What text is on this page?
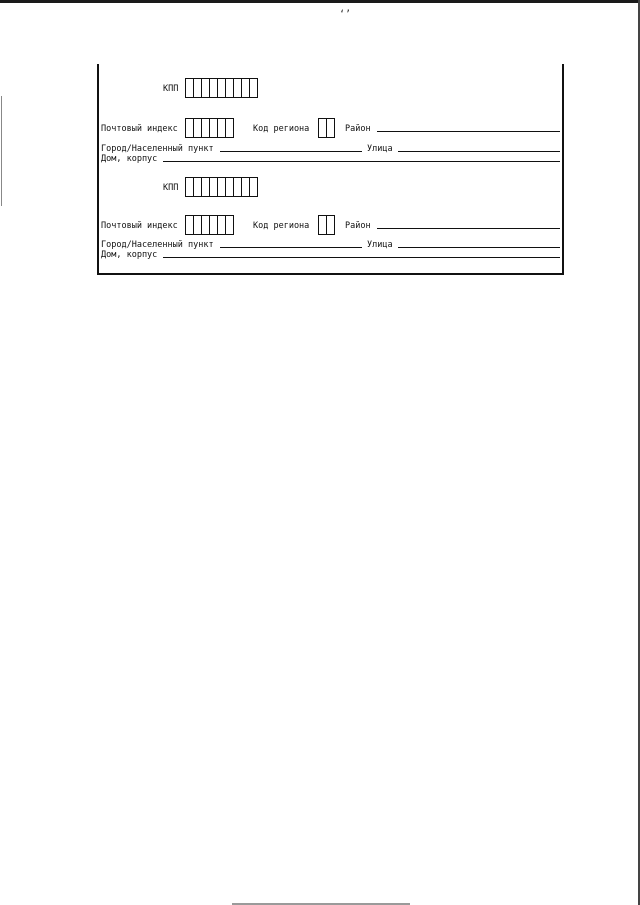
‘’
КПП
Почтовый индекс	Код региона	Район
Город/Населенный пункт	Улица
Дом, корпус
КПП
Почтовый индекс	Код региона	Район
Город/Населенный пункт	Улица
Дом, корпус
